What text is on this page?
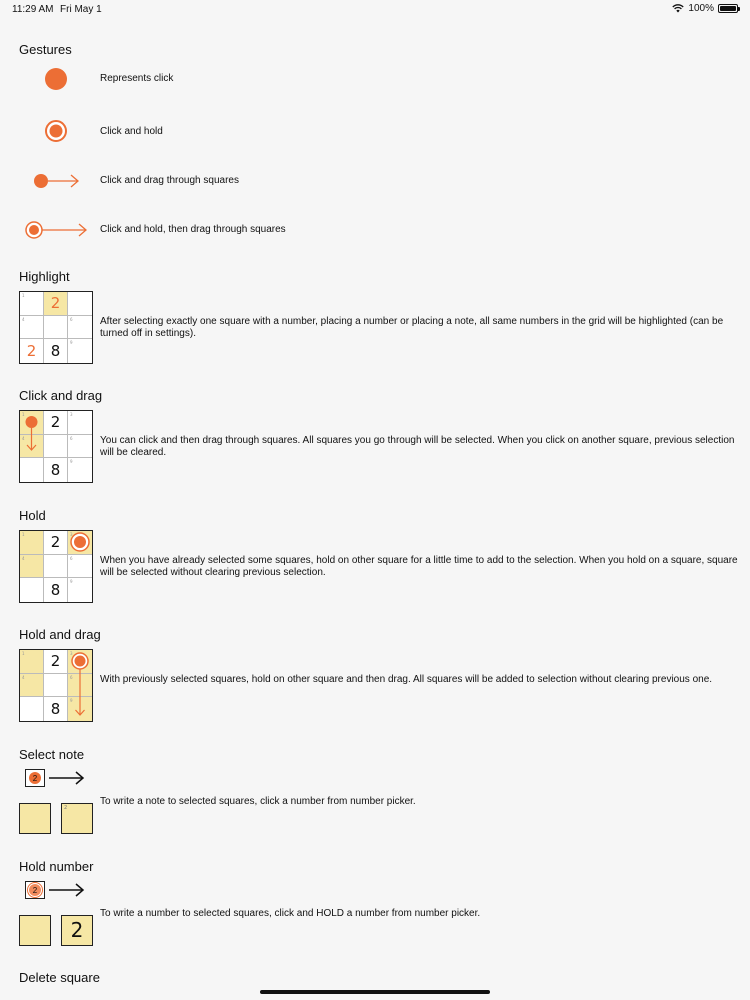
11:29 AM Fri May 1	100%
Gestures
Represents click
Click and hold
Click and drag through squares
Click and hold, then drag through squares
Highlight
1 2
4	6
2 8 9
After selecting exactly one square with a number, placing a number or placing a note, all same numbers in the grid will be highlighted (can be turned off in settings).
Click and drag
1 2 3
4	6
8 9
You can click and then drag through squares. All squares you go through will be selected. When you click on another square, previous selection will be cleared.
Hold
1 2 3
4	6
8 9
When you have already selected some squares, hold on other square for a little time to add to the selection. When you hold on a square, square will be selected without clearing previous selection.
Hold and drag
1 2 3
4	6
8 9
With previously selected squares, hold on other square and then drag. All squares will be added to selection without clearing previous one.
Select note
2
2
To write a note to selected squares, click a number from number picker.
Hold number
2
2
To write a number to selected squares, click and HOLD a number from number picker.
Delete square
